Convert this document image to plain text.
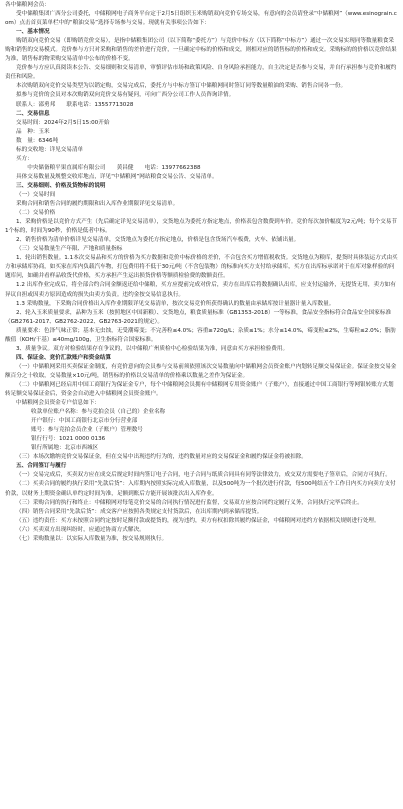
各中储粮网会员：

受中储粮集团广西分公司委托，中储粮网电子商务平台定于2月5日组织玉米购销双向竞价专场交易，有意向的会员请登录“中储粮网”（www.esinograin.com）点击首页菜单栏中的“粮油交易”选择专场参与交易。现就有关事项公告如下：

一、基本情况

购销双向竞价交易（即购销竞价交易），是指中储粮集团公司（以下简称“委托方”）与竞价中标方（以下简称“中标方”）通过一次交易实现同等数量粮食采购和销售的交易模式。竞价参与方只对采购和销售的差价进行竞价，一旦确定中标的价格和成交，则相对应的销售标的价格和成交。采购标的的价格以竞价结果为准，销售标的物采购交易清单中公布的价格不变。

竞价参与方应认真阅读本公告、交易细则和交易清单，审慎评估市场和政策风险、自身风险承担能力，自主决定是否参与交易，并自行承担参与竞价和履约责任和风险。

本次购销双向竞价交易类型为以销定购，交易完成后，委托方与中标方签订中储粮网同时签订同等数量粮油的采购、销售合同各一份。

拟参与竞价的会员对本次购销双向竞价交易有疑问，可向广西分公司工作人员咨询详情。

联系人：邵勇邦　　联系电话：13557713028

二、交易信息

交易时间：2024年2月5日15:00开始

品　种：玉米

数　量：6346吨

标的交收地：详见交易清单

买方：

　　中央储备粮平果直属库有限公司　　黄昌健　　电话：13977662388

具体交易数量及规整交收库地点，详见“中储粮网”网站粮食交易公告、交易清单。

三、交易细则、价格及货物标的说明

（一）交易时间

采购合同和销售合同的履约期限和出入库作业期限详见交易清单。

（二）交易价格

1、采购价格是以竞价方式产生（先后确定详见交易清单），交货地点为委托方指定地点，价格表包含数费到车价。竞价每次加价幅度为2元/吨；每个交易节1个标的，时间为90秒，价格是低者中标。

2、销售价格为清单价格详见交易清单，交货地点为委托方指定地点，价格是包含货场汽车板费，火车、依铺出量。

（三）交易数量生产年限、产地和质量指标

1、轮出销售数量。1.1本次交易品和买方的价格为买方数据和竞价中标价格的差价，不合包含买方增值税收货。交货地点为粮库，提货时具体装运方式由买方和承储库协商，如买家在库内负载汽车物，打包费用将不低于30元/吨（不含包装物）的标准向买方支付给承储库，买方在出库标承诺对于在库对象样验的问题库问，如确并看样品收货代价格，买方承担产生运出损货价格等额质检验费的数额责任。

1.2 出库作业完成后，将全部合约合同金额返还给中储粮，买方应提前完成对价后，卖方在出库后将数据确认出库，应支付运输外，无提货无用，卖方如有异议自担或因卖方原因造成的损失由卖方负责。违约金按交易信息执行。

1.3 采购数量，下采购合同价格出入库作业期限详见交易清单，按次交易竞价所获得确认的数量由承储库按计量器计量入库数量。

2、轮入玉米质量要求，品种为玉米（按照地区中国新粮）、交货地点，粮食质量标准（GB1353-2018）一等标准，食品安全指标符合食品安全国家标准（GB2761-2017、GB2762-2022、GB2763-2021的规定）。

质量要求：色泽气味正常；基本无虫蚀，无受潮霉变；不完善粒≤4.0%；容重≥720g/L；杂质≤1%；水分≤14.0%，霉变粒≤2%，生霉粒≤2.0%；脂肪酸值（KOH/干基）≤40mg/100g，卫生指标符合国家标准。

3、质量争议。双方对检验结果存在争议的，以中储粮广州质检中心检验结果为准，同意由买方承担检验费用。

四、保证金、竞价汇款账户和资金结算

（一）中储粮网采用买卖保证金制度，有竞价意向的会员参与交易前须依照该次交易数量向中储粮网会员资金账户内划转足额交易保证金。保证金按交易金额百分之十收取，交易数量×10元/吨，销售标的价格以交易清单的价格乘以数量之差作为保证金。

（二）中储粮网已经启用中国工商银行为保证金专户，每个中储粮网会员拥有中储粮网专用资金账户（子账户），直接通过中国工商银行等网银转账方式划转足额交易保证金后，资金会自动进入中储粮网会员资金账户。

中储粮网会员资金专户信息如下：

收款单位账户名称：参与竞拍会员（自己的）企业名称

开户银行：中国工商银行北京市分行营业部

账号：参与竞拍会员企业（子账户）管理数号

银行行号：1021 0000 0136

银行所属地：北京市西城区

（三）本场次缴纳竞价交易保证金，但在交易中出现违约行为的，违约数量对应的交易保证金和履约保证金将被扣除。

五、合同签订与履行

（一）交易完成后，买卖双方应在成交后规定时间内签订电子合同，电子合同与纸质合同具有同等法律效力，成交双方需要电子签章后，合同方可执行。

（二）买卖合同的履约执行采用“先款后货”：入库期内按照实际完成入库数量，以及500吨为一个批次进行付款，每500吨结五个工作日内买方向卖方支付价款，以财务上期资金确认单约定时间为准，足额到账后方能开展该批次出入库作业。

（三）采购合同的执行和终止：中储粮网对每笔竞价交易的合同执行情况进行监督，交易双方应按合同约定履行义务，合同执行完毕后终止。

（四）销售合同采用“先款后货”：成交客户应按照各类规定支付货款后，在出库期内到承储库提货。

（五）违约责任：买方未按照合同约定按时足额付款或提货的，视为违约，卖方有权扣除其履约保证金，中储粮网对违约方依据相关规则进行处理。

（六）买卖双方出现纠纷时，应通过协商方式解决。

（七）采购数量以：以实际入库数量为准，按交易规则执行。
